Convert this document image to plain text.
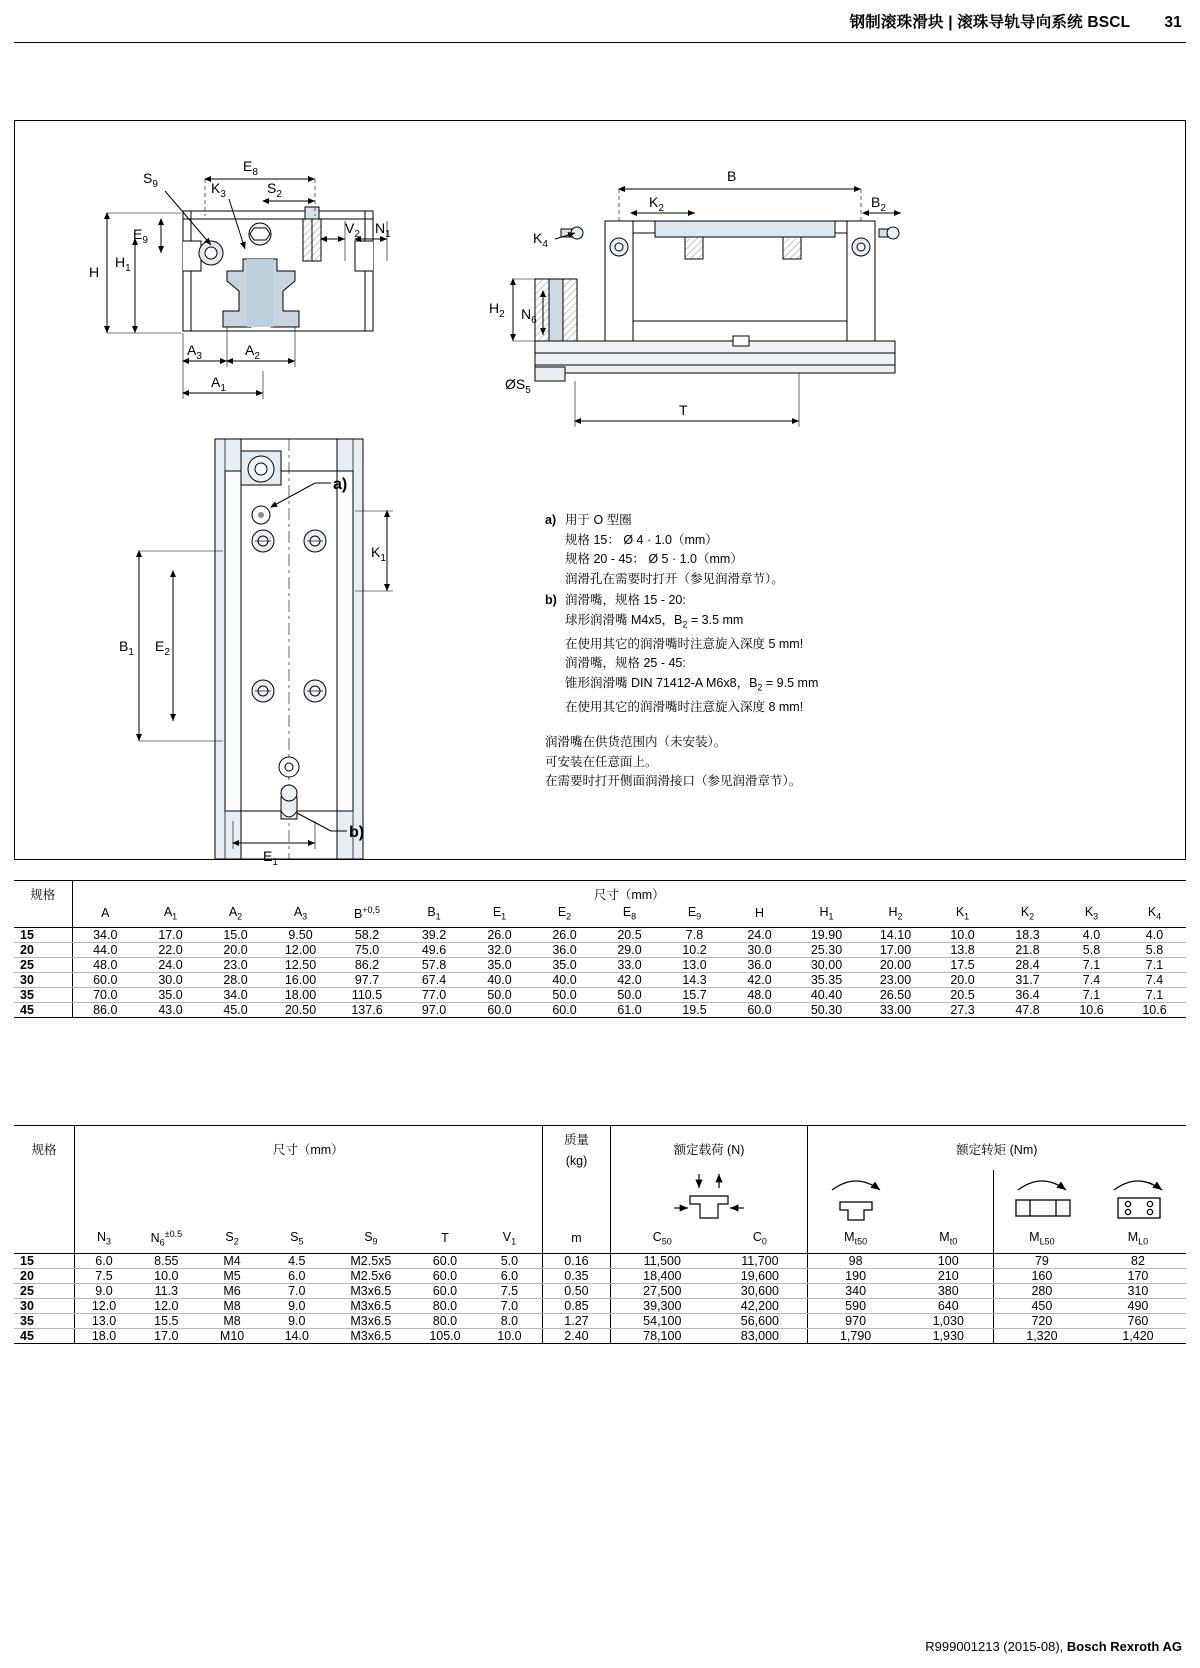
钢制滚珠滑块 | 滚珠导轨导向系统 BSCL 31
$E_8$
$S_9$	$K_3$	$S_2$
$V_2$ $N_1$
$E_9$
H
$H_1$
$A_3$	$A_2$
$A_1$
B
$K_2$	$B_2$
$K_4$
$H_2$ $N_6$
$ØS_5$
T
a)
b)
$K_1$
$B_1$ $E_2$
$E_1$
a) 用于 O 型圈
规格 15： Ø 4 · 1.0（mm）
规格 20 - 45： Ø 5 · 1.0（mm）
润滑孔在需要时打开（参见润滑章节）。
b) 润滑嘴，规格 15 - 20:
球形润滑嘴 M4x5，$B_2 = 3.5$ mm
在使用其它的润滑嘴时注意旋入深度 5 mm!
润滑嘴，规格 25 - 45:
锥形润滑嘴 DIN 71412-A M6x8，$B_2 = 9.5$ mm
在使用其它的润滑嘴时注意旋入深度 8 mm!
润滑嘴在供货范围内（未安装）。
可安装在任意面上。
在需要时打开侧面润滑接口（参见润滑章节）。
规格	尺寸（mm）																
	A	$A_1$	$A_2$	$A_3$	$B^{+0,5}$	$B_1$	$E_1$	$E_2$	$E_8$	$E_9$	H	$H_1$	$H_2$	$K_1$	$K_2$	$K_3$	$K_4$
15	34.0	17.0	15.0	9.50	58.2	39.2	26.0	26.0	20.5	7.8	24.0	19.90	14.10	10.0	18.3	4.0	4.0
20	44.0	22.0	20.0	12.00	75.0	49.6	32.0	36.0	29.0	10.2	30.0	25.30	17.00	13.8	21.8	5.8	5.8
25	48.0	24.0	23.0	12.50	86.2	57.8	35.0	35.0	33.0	13.0	36.0	30.00	20.00	17.5	28.4	7.1	7.1
30	60.0	30.0	28.0	16.00	97.7	67.4	40.0	40.0	42.0	14.3	42.0	35.35	23.00	20.0	31.7	7.4	7.4
35	70.0	35.0	34.0	18.00	110.5	77.0	50.0	50.0	50.0	15.7	48.0	40.40	26.50	20.5	36.4	7.1	7.1
45	86.0	43.0	45.0	20.50	137.6	97.0	60.0	60.0	61.0	19.5	60.0	50.30	33.00	27.3	47.8	10.6	10.6
规格	尺寸（mm）							质量	额定载荷 (N)		额定转矩 (Nm)			
								(kg)						

	$N_3$	$N_6^{\pm 0.5}$	$S_2$	$S_5$	$S_9$	T	$V_1$	m	$C_{50}$	$C_0$	$M_{t50}$	$M_{t0}$	$M_{L50}$	$M_{L0}$
15	6.0	8.55	M4	4.5	M2.5x5	60.0	5.0	0.16	11,500	11,700	98	100	79	82
20	7.5	10.0	M5	6.0	M2.5x6	60.0	6.0	0.35	18,400	19,600	190	210	160	170
25	9.0	11.3	M6	7.0	M3x6.5	60.0	7.5	0.50	27,500	30,600	340	380	280	310
30	12.0	12.0	M8	9.0	M3x6.5	80.0	7.0	0.85	39,300	42,200	590	640	450	490
35	13.0	15.5	M8	9.0	M3x6.5	80.0	8.0	1.27	54,100	56,600	970	1,030	720	760
45	18.0	17.0	M10	14.0	M3x6.5	105.0	10.0	2.40	78,100	83,000	1,790	1,930	1,320	1,420
R999001213 (2015-08), Bosch Rexroth AG
